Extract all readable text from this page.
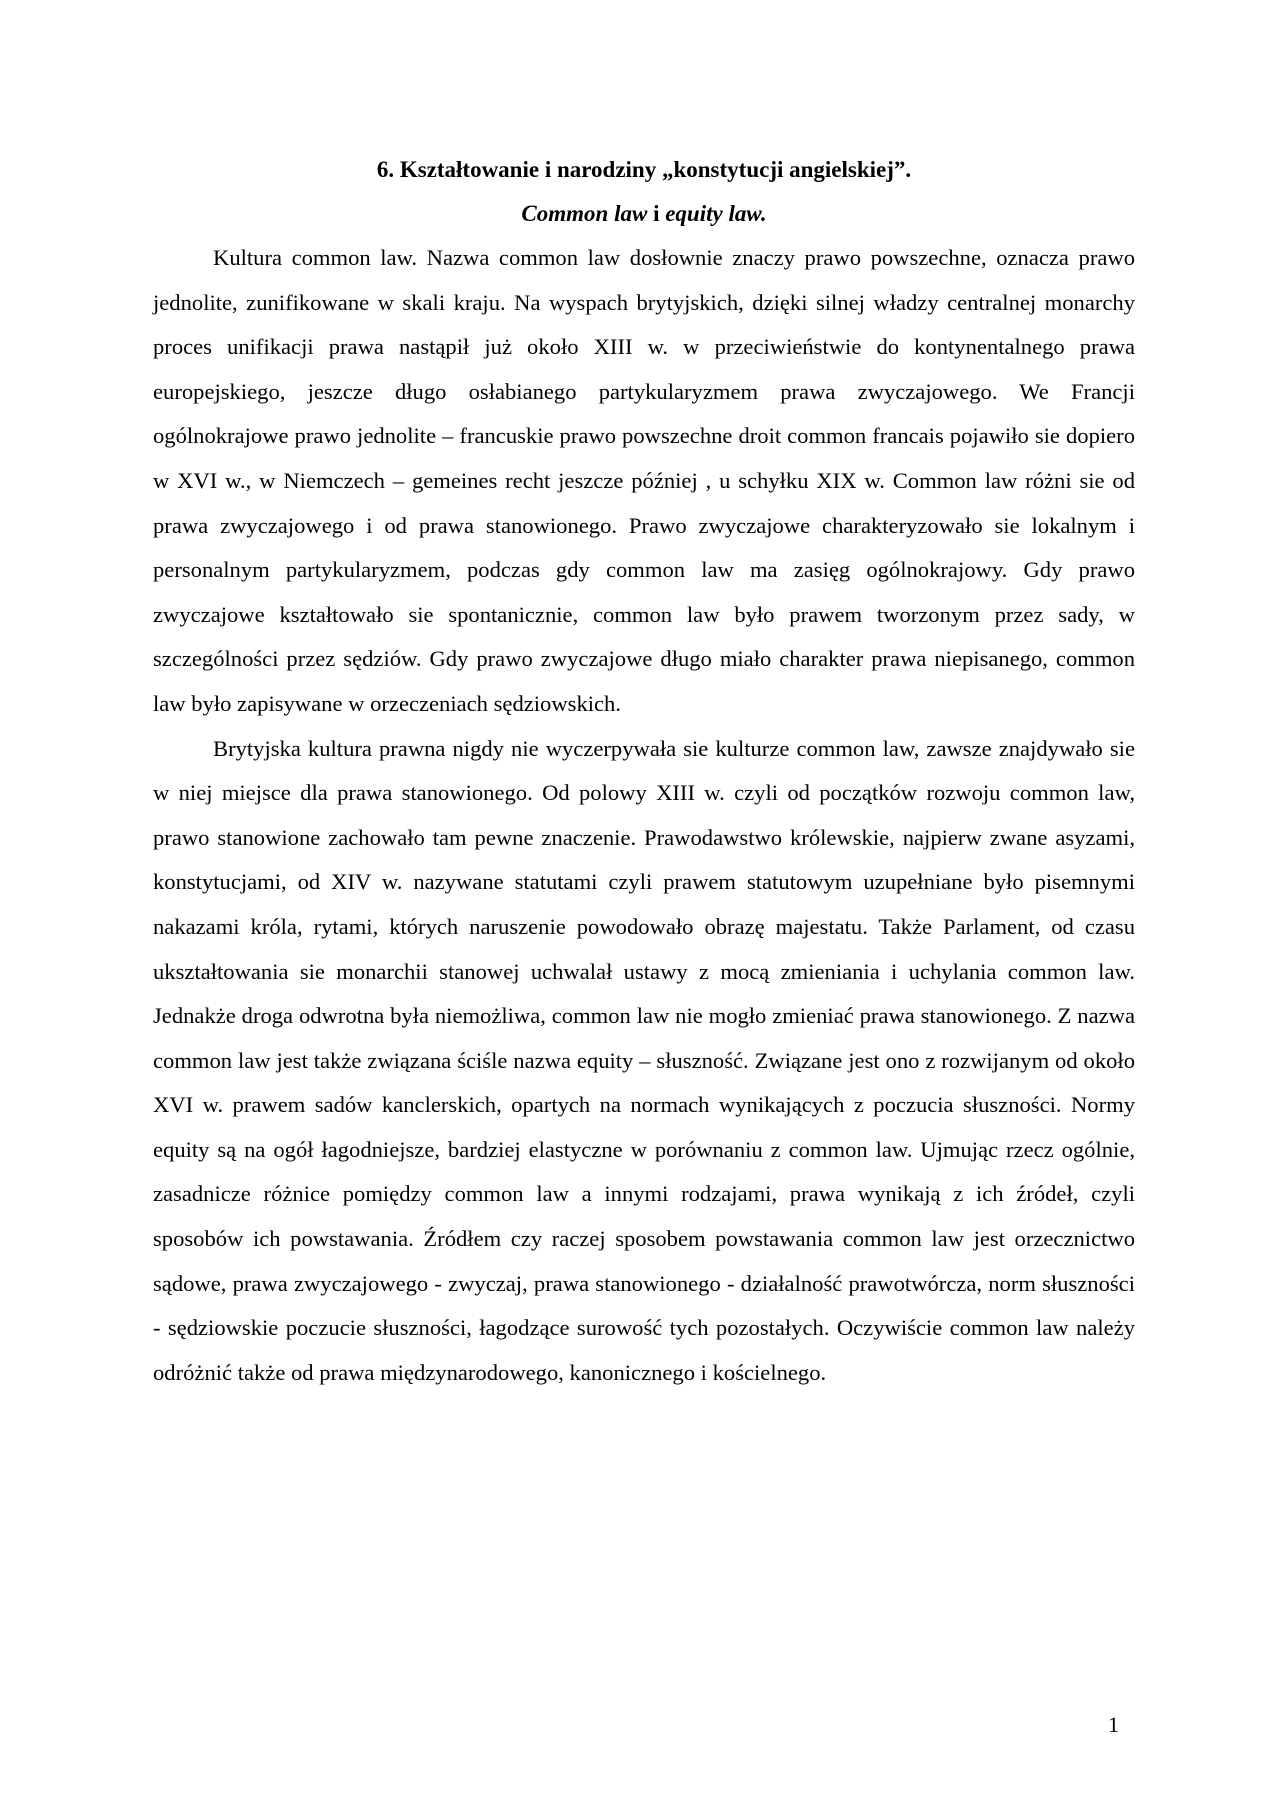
6. Kształtowanie i narodziny „konstytucji angielskiej”.

Common law i equity law.

Kultura common law. Nazwa common law dosłownie znaczy prawo powszechne, oznacza prawo jednolite, zunifikowane w skali kraju. Na wyspach brytyjskich, dzięki silnej władzy centralnej monarchy proces unifikacji prawa nastąpił już około XIII w. w przeciwieństwie do kontynentalnego prawa europejskiego, jeszcze długo osłabianego partykularyzmem prawa zwyczajowego. We Francji ogólnokrajowe prawo jednolite – francuskie prawo powszechne droit common francais pojawiło sie dopiero w XVI w., w Niemczech – gemeines recht jeszcze później , u schyłku XIX w. Common law różni sie od prawa zwyczajowego i od prawa stanowionego. Prawo zwyczajowe charakteryzowało sie lokalnym i personalnym partykularyzmem, podczas gdy common law ma zasięg ogólnokrajowy. Gdy prawo zwyczajowe kształtowało sie spontanicznie, common law było prawem tworzonym przez sady, w szczególności przez sędziów. Gdy prawo zwyczajowe długo miało charakter prawa niepisanego, common law było zapisywane w orzeczeniach sędziowskich.

Brytyjska kultura prawna nigdy nie wyczerpywała sie kulturze common law, zawsze znajdywało sie w niej miejsce dla prawa stanowionego. Od polowy XIII w. czyli od początków rozwoju common law, prawo stanowione zachowało tam pewne znaczenie. Prawodawstwo królewskie, najpierw zwane asyzami, konstytucjami, od XIV w. nazywane statutami czyli prawem statutowym uzupełniane było pisemnymi nakazami króla, rytami, których naruszenie powodowało obrazę majestatu. Także Parlament, od czasu ukształtowania sie monarchii stanowej uchwalał ustawy z mocą zmieniania i uchylania common law. Jednakże droga odwrotna była niemożliwa, common law nie mogło zmieniać prawa stanowionego. Z nazwa common law jest także związana ściśle nazwa equity – słuszność. Związane jest ono z rozwijanym od około XVI w. prawem sadów kanclerskich, opartych na normach wynikających z poczucia słuszności. Normy equity są na ogół łagodniejsze, bardziej elastyczne w porównaniu z common law. Ujmując rzecz ogólnie, zasadnicze różnice pomiędzy common law a innymi rodzajami, prawa wynikają z ich źródeł, czyli sposobów ich powstawania. Źródłem czy raczej sposobem powstawania common law jest orzecznictwo sądowe, prawa zwyczajowego - zwyczaj, prawa stanowionego - działalność prawotwórcza, norm słuszności - sędziowskie poczucie słuszności, łagodzące surowość tych pozostałych. Oczywiście common law należy odróżnić także od prawa międzynarodowego, kanonicznego i kościelnego.

1
